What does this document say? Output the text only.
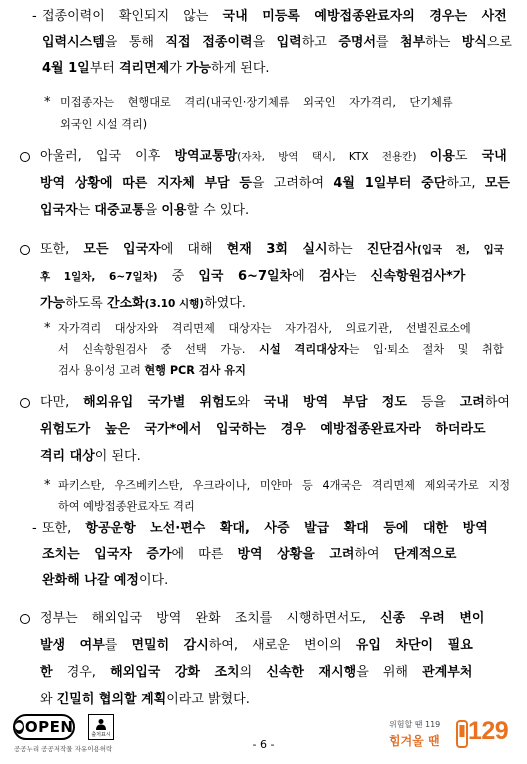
- 접종이력이 확인되지 않는 국내 미등록 예방접종완료자의 경우는 사전
입력시스템을 통해 직접 접종이력을 입력하고 증명서를 첨부하는 방식으로
4월 1일부터 격리면제가 가능하게 된다.
* 미접종자는 현행대로 격리(내국인·장기체류 외국인 자가격리, 단기체류
외국인 시설 격리)
아울러, 입국 이후 방역교통망(자차, 방역 택시, KTX 전용칸) 이용도 국내
방역 상황에 따른 지자체 부담 등을 고려하여 4월 1일부터 중단하고, 모든
입국자는 대중교통을 이용할 수 있다.
또한, 모든 입국자에 대해 현재 3회 실시하는 진단검사(입국 전, 입국
후 1일차, 6~7일차) 중 입국 6~7일차에 검사는 신속항원검사*가
가능하도록 간소화(3.10 시행)하였다.
* 자가격리 대상자와 격리면제 대상자는 자가검사, 의료기관, 선별진료소에
서 신속항원검사 중 선택 가능. 시설 격리대상자는 입·퇴소 절차 및 취합
검사 용이성 고려 현행 PCR 검사 유지
다만, 해외유입 국가별 위험도와 국내 방역 부담 정도 등을 고려하여
위험도가 높은 국가*에서 입국하는 경우 예방접종완료자라 하더라도
격리 대상이 된다.
* 파키스탄, 우즈베키스탄, 우크라이나, 미얀마 등 4개국은 격리면제 제외국가로 지정
하여 예방접종완료자도 격리
- 또한, 항공운항 노선·편수 확대, 사증 발급 확대 등에 대한 방역
조치는 입국자 증가에 따른 방역 상황을 고려하여 단계적으로
완화해 나갈 예정이다.
정부는 해외입국 방역 완화 조치를 시행하면서도, 신종 우려 변이
발생 여부를 면밀히 감시하여, 새로운 변이의 유입 차단이 필요
한 경우, 해외입국 강화 조치의 신속한 재시행을 위해 관계부처
와 긴밀히 협의할 계획이라고 밝혔다.
● OPEN	출처표시
공공누리 공공저작물 자유이용허락	- 6 -
위험할 땐 119
힘겨울 땐 129
